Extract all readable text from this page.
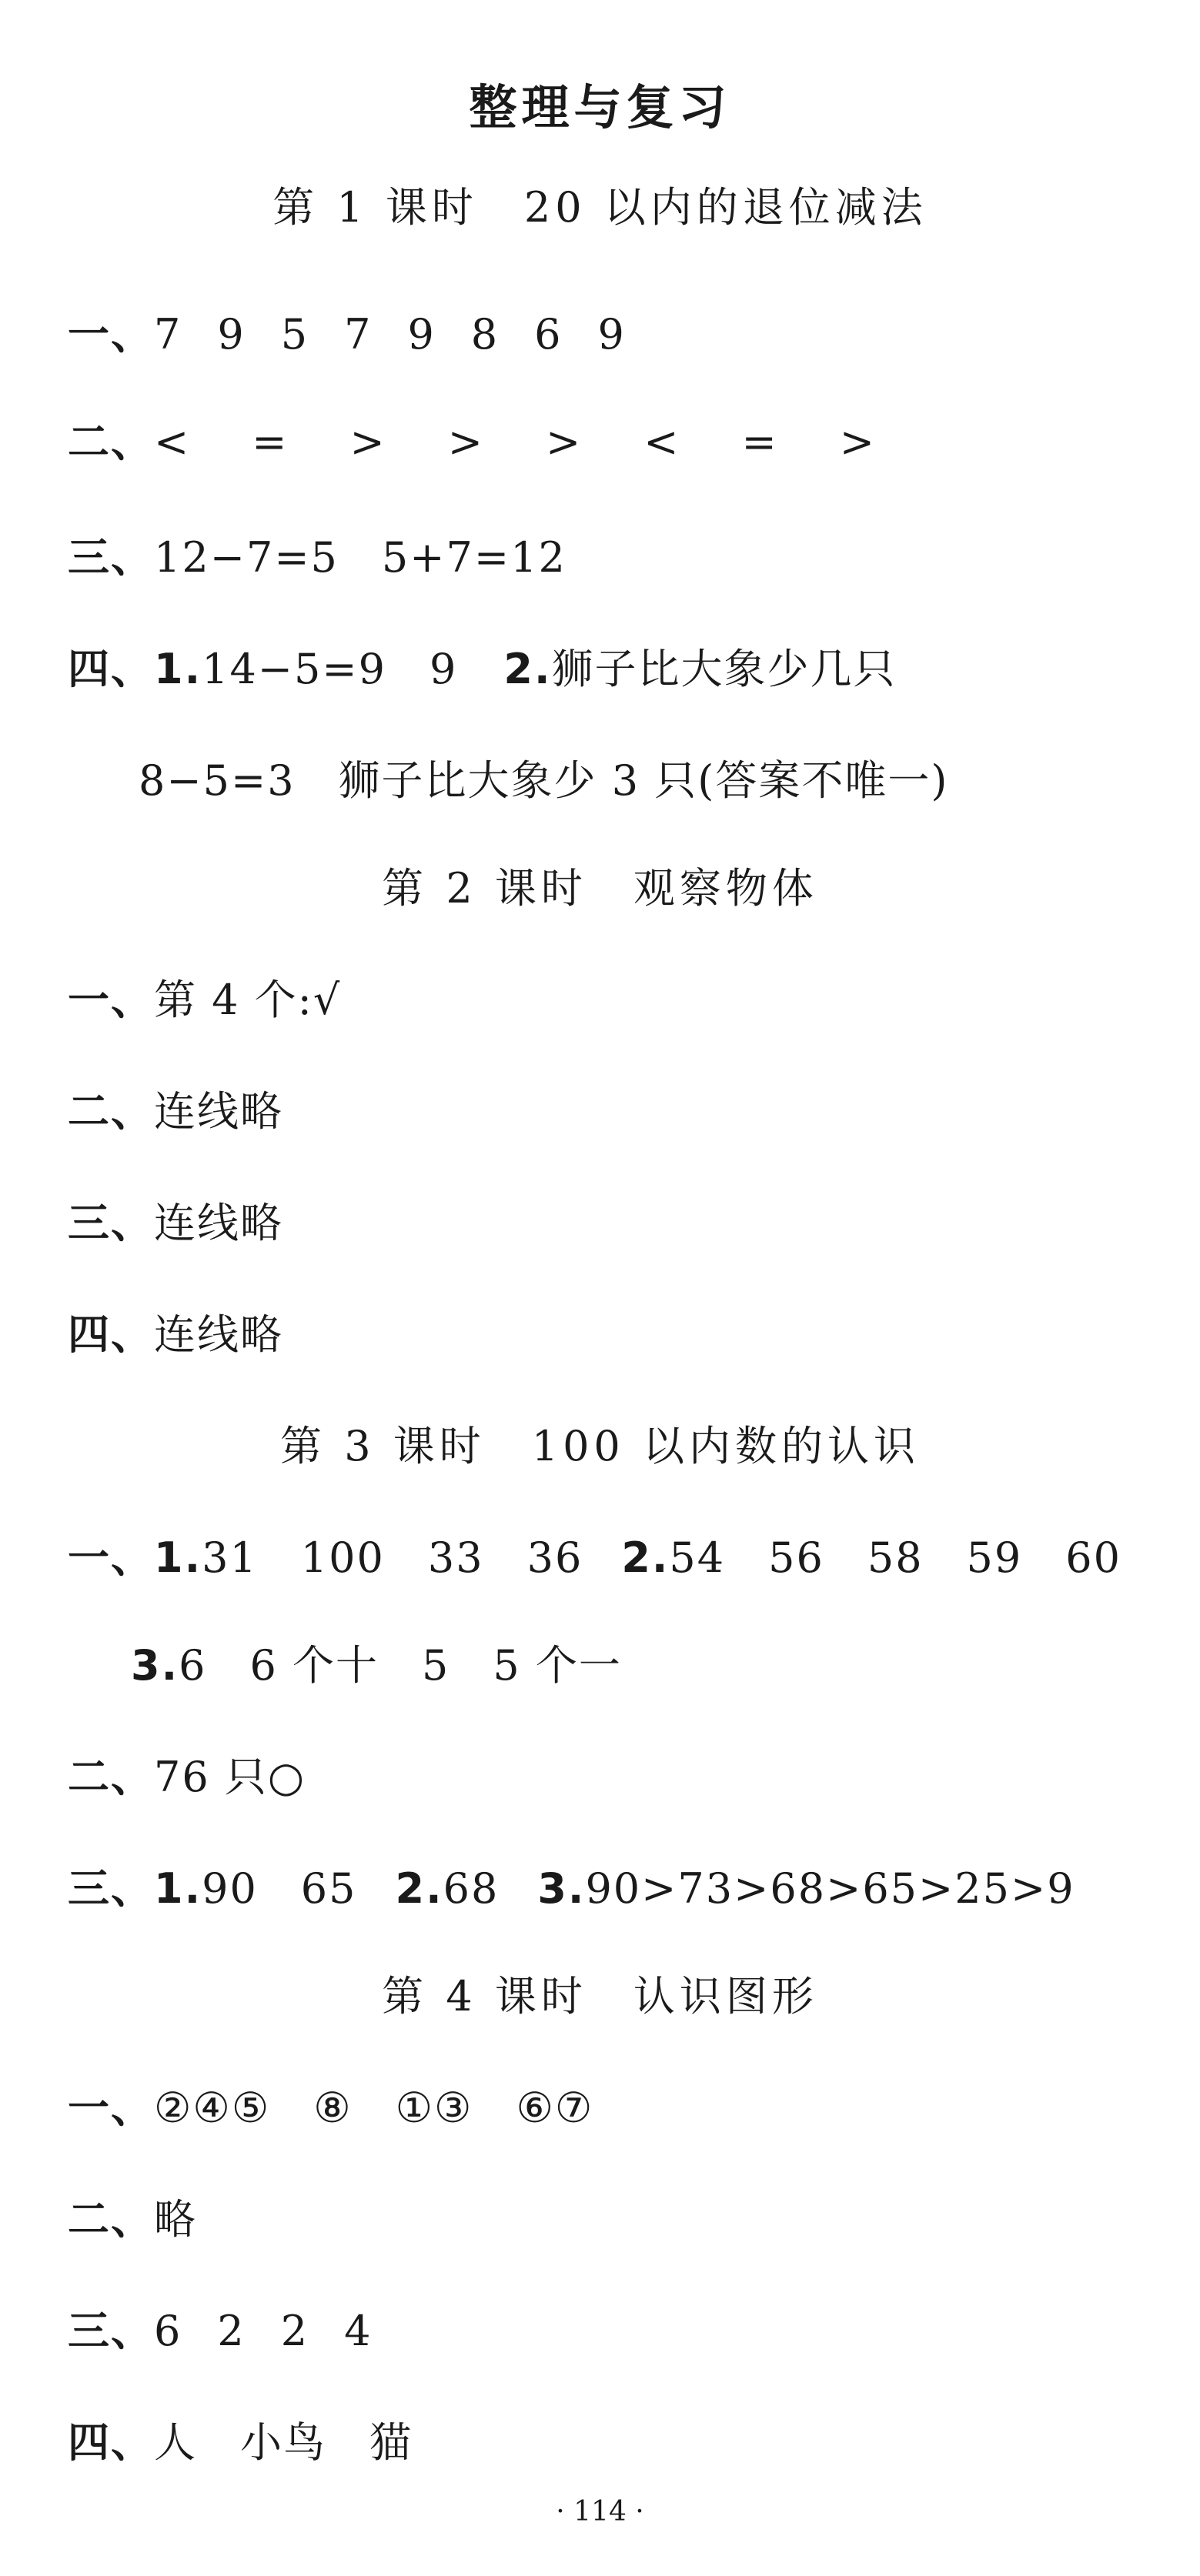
整理与复习
第 1 课时 20 以内的退位减法
一、7 9 5 7 9 8 6 9
二、< = > > > < = >
三、12−7=5　5+7=12
四、1.14−5=9　9 2.狮子比大象少几只
8−5=3　狮子比大象少 3 只(答案不唯一)
第 2 课时 观察物体
一、第 4 个:√
二、连线略
三、连线略
四、连线略
第 3 课时 100 以内数的认识
一、1.31　100　33　36 2.54　56　58　59　60
3.6　6 个十　5　5 个一
二、76 只○
三、1.90　65 2.68 3.90>73>68>65>25>9
第 4 课时 认识图形
一、②④⑤　⑧　①③　⑥⑦
二、略
三、6 2 2 4
四、人　小鸟　猫
· 114 ·
